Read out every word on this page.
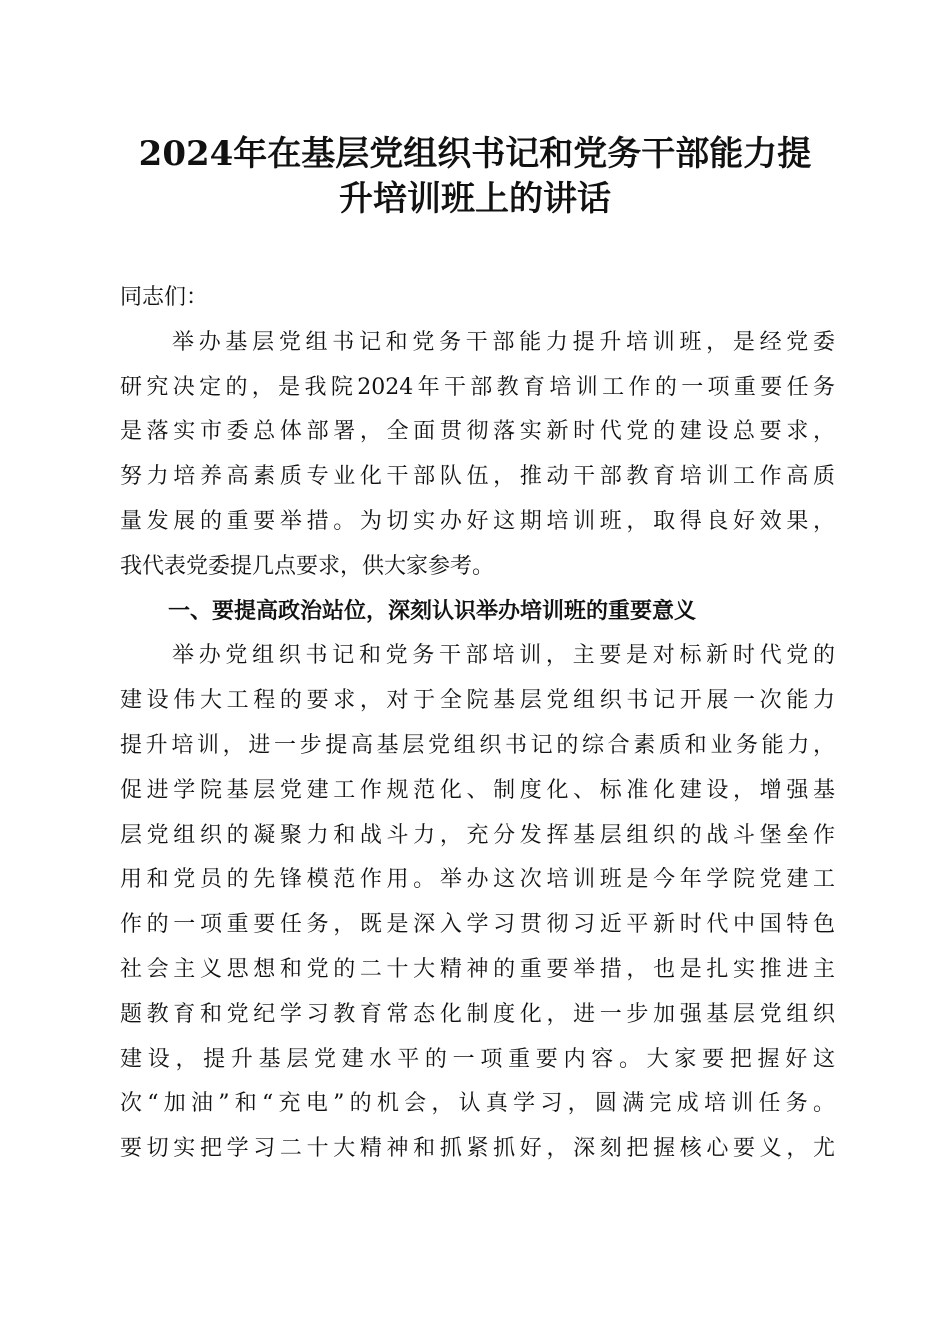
2024年在基层党组织书记和党务干部能力提
升培训班上的讲话
同志们：
举办基层党组书记和党务干部能力提升培训班，是经党委
研究决定的，是我院2024年干部教育培训工作的一项重要任务
是落实市委总体部署，全面贯彻落实新时代党的建设总要求，
努力培养高素质专业化干部队伍，推动干部教育培训工作高质
量发展的重要举措。为切实办好这期培训班，取得良好效果，
我代表党委提几点要求，供大家参考。
一、要提高政治站位，深刻认识举办培训班的重要意义
举办党组织书记和党务干部培训，主要是对标新时代党的
建设伟大工程的要求，对于全院基层党组织书记开展一次能力
提升培训，进一步提高基层党组织书记的综合素质和业务能力，
促进学院基层党建工作规范化、制度化、标准化建设，增强基
层党组织的凝聚力和战斗力，充分发挥基层组织的战斗堡垒作
用和党员的先锋模范作用。举办这次培训班是今年学院党建工
作的一项重要任务，既是深入学习贯彻习近平新时代中国特色
社会主义思想和党的二十大精神的重要举措，也是扎实推进主
题教育和党纪学习教育常态化制度化，进一步加强基层党组织
建设，提升基层党建水平的一项重要内容。大家要把握好这
次“加油”和“充电”的机会，认真学习，圆满完成培训任务。
要切实把学习二十大精神和抓紧抓好，深刻把握核心要义，尤
